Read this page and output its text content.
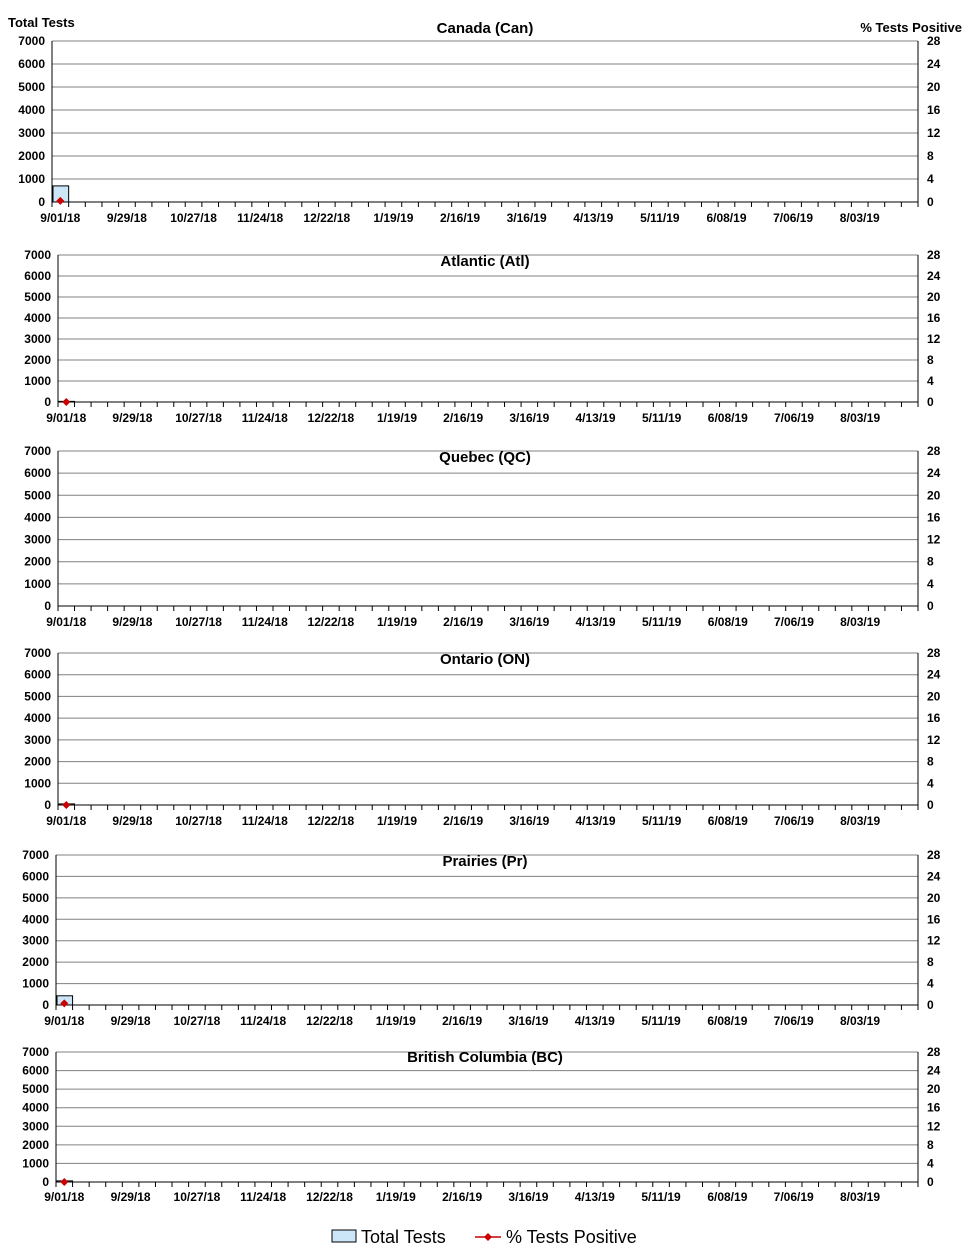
0
1000
2000
3000
4000
5000
6000
7000
0
4
8
12
16
20
24
28
9/01/18 9/29/18 10/27/18 11/24/18 12/22/18 1/19/19 2/16/19 3/16/19 4/13/19 5/11/19 6/08/19 7/06/19 8/03/19
Canada (Can)
Total Tests	% Tests Positive
0
1000
2000
3000
4000
5000
6000
7000
0
4
8
12
16
20
24
28
9/01/18 9/29/18 10/27/18 11/24/18 12/22/18 1/19/19 2/16/19 3/16/19 4/13/19 5/11/19 6/08/19 7/06/19 8/03/19
Atlantic (Atl)
0
1000
2000
3000
4000
5000
6000
7000
0
4
8
12
16
20
24
28
9/01/18 9/29/18 10/27/18 11/24/18 12/22/18 1/19/19 2/16/19 3/16/19 4/13/19 5/11/19 6/08/19 7/06/19 8/03/19
Quebec (QC)
0
1000
2000
3000
4000
5000
6000
7000
0
4
8
12
16
20
24
28
9/01/18 9/29/18 10/27/18 11/24/18 12/22/18 1/19/19 2/16/19 3/16/19 4/13/19 5/11/19 6/08/19 7/06/19 8/03/19
Ontario (ON)
0
1000
2000
3000
4000
5000
6000
7000
0
4
8
12
16
20
24
28
9/01/18 9/29/18 10/27/18 11/24/18 12/22/18 1/19/19 2/16/19 3/16/19 4/13/19 5/11/19 6/08/19 7/06/19 8/03/19
Prairies (Pr)
0
1000
2000
3000
4000
5000
6000
7000
0
4
8
12
16
20
24
28
9/01/18 9/29/18 10/27/18 11/24/18 12/22/18 1/19/19 2/16/19 3/16/19 4/13/19 5/11/19 6/08/19 7/06/19 8/03/19
British Columbia (BC)
Total Tests	% Tests Positive
